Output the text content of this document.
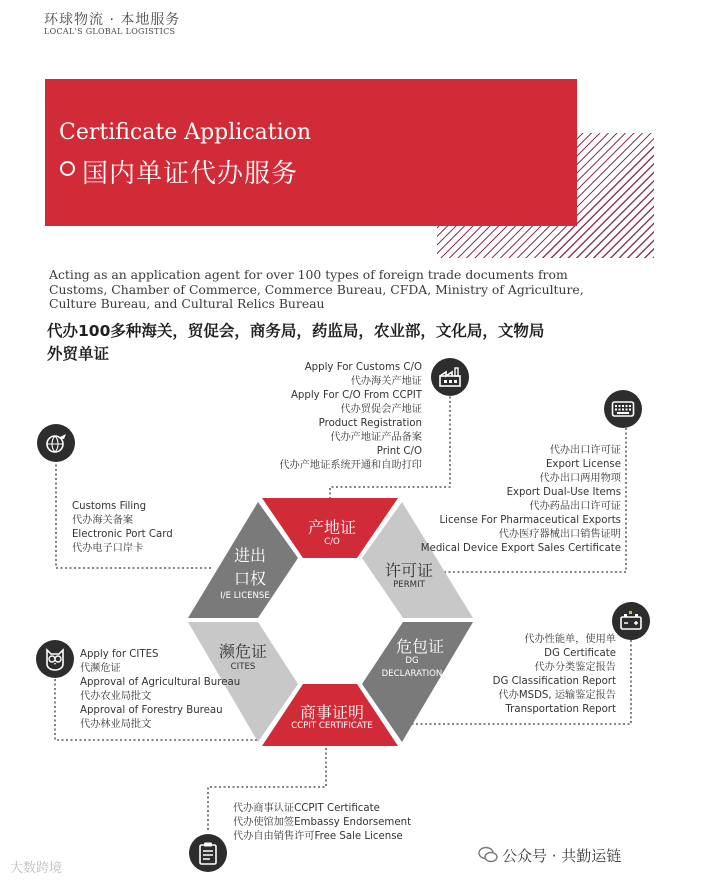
环球物流 · 本地服务
LOCAL'S GLOBAL LOGISTICS
Certificate Application
国内单证代办服务
Acting as an application agent for over 100 types of foreign trade documents from
Customs, Chamber of Commerce, Commerce Bureau, CFDA, Ministry of Agriculture,
Culture Bureau, and Cultural Relics Bureau
代办100多种海关，贸促会，商务局，药监局，农业部，文化局，文物局
外贸单证
产地证
C/O
许可证
PERMIT
危包证
DG
DECLARATION
商事证明
CCPIT CERTIFICATE
濒危证
CITES
进出
口权
I/E LICENSE
Apply For Customs C/O
代办海关产地证
Apply For C/O From CCPIT
代办贸促会产地证
Product Registration
代办产地证产品备案
Print C/O
代办产地证系统开通和自助打印
代办出口许可证
Export License
代办出口两用物项
Export Dual-Use Items
代办药品出口许可证
License For Pharmaceutical Exports
代办医疗器械出口销售证明
Medical Device Export Sales Certificate
Customs Filing
代办海关备案
Electronic Port Card
代办电子口岸卡
代办性能单，使用单
DG Certificate
代办分类鉴定报告
DG Classification Report
代办MSDS, 运输鉴定报告
Transportation Report
Apply for CITES
代濒危证
Approval of Agricultural Bureau
代办农业局批文
Approval of Forestry Bureau
代办林业局批文
代办商事认证CCPIT Certificate
代办使馆加签Embassy Endorsement
代办自由销售许可Free Sale License
公众号 · 共勤运链
大数跨境
